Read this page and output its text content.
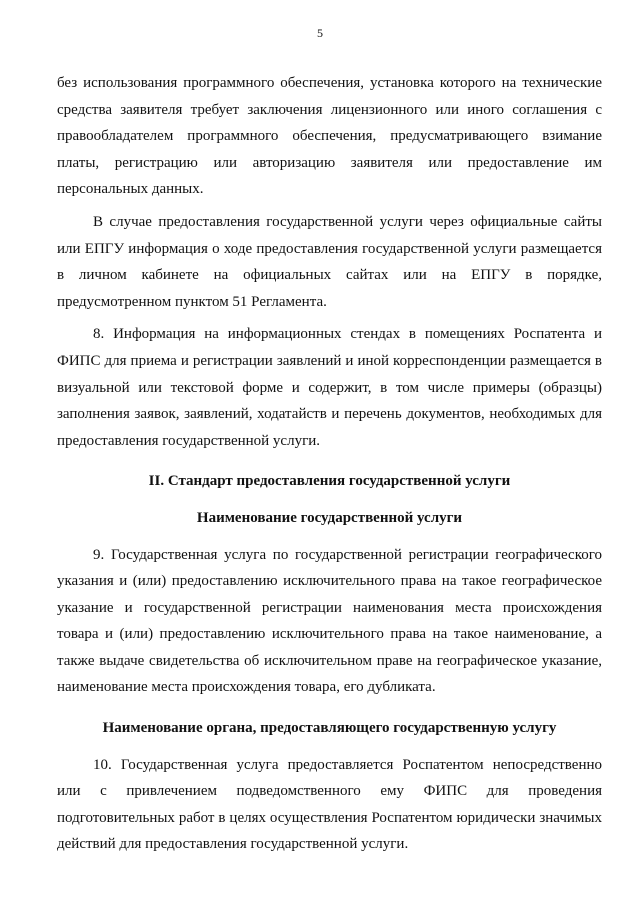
5

без использования программного обеспечения, установка которого на технические средства заявителя требует заключения лицензионного или иного соглашения с правообладателем программного обеспечения, предусматривающего взимание платы, регистрацию или авторизацию заявителя или предоставление им персональных данных.

В случае предоставления государственной услуги через официальные сайты или ЕПГУ информация о ходе предоставления государственной услуги размещается в личном кабинете на официальных сайтах или на ЕПГУ в порядке, предусмотренном пунктом 51 Регламента.

8. Информация на информационных стендах в помещениях Роспатента и ФИПС для приема и регистрации заявлений и иной корреспонденции размещается в визуальной или текстовой форме и содержит, в том числе примеры (образцы) заполнения заявок, заявлений, ходатайств и перечень документов, необходимых для предоставления государственной услуги.

II. Стандарт предоставления государственной услуги
Наименование государственной услуги

9. Государственная услуга по государственной регистрации географического указания и (или) предоставлению исключительного права на такое географическое указание и государственной регистрации наименования места происхождения товара и (или) предоставлению исключительного права на такое наименование, а также выдаче свидетельства об исключительном праве на географическое указание, наименование места происхождения товара, его дубликата.

Наименование органа, предоставляющего государственную услугу

10. Государственная услуга предоставляется Роспатентом непосредственно или с привлечением подведомственного ему ФИПС для проведения подготовительных работ в целях осуществления Роспатентом юридически значимых действий для предоставления государственной услуги.
